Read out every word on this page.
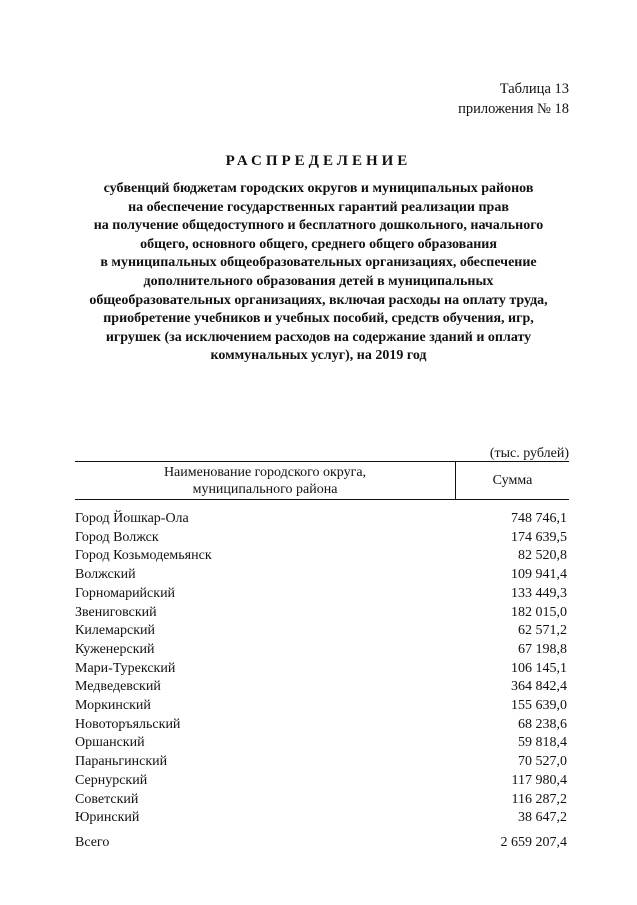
Таблица 13
приложения № 18
РАСПРЕДЕЛЕНИЕ
субвенций бюджетам городских округов и муниципальных районов
на обеспечение государственных гарантий реализации прав
на получение общедоступного и бесплатного дошкольного, начального
общего, основного общего, среднего общего образования
в муниципальных общеобразовательных организациях, обеспечение
дополнительного образования детей в муниципальных
общеобразовательных организациях, включая расходы на оплату труда,
приобретение учебников и учебных пособий, средств обучения, игр,
игрушек (за исключением расходов на содержание зданий и оплату
коммунальных услуг), на 2019 год
(тыс. рублей)
Наименование городского округа,
муниципального района	Сумма
Город Йошкар-Ола	748 746,1
Город Волжск	174 639,5
Город Козьмодемьянск	82 520,8
Волжский	109 941,4
Горномарийский	133 449,3
Звениговский	182 015,0
Килемарский	62 571,2
Куженерский	67 198,8
Мари-Турекский	106 145,1
Медведевский	364 842,4
Моркинский	155 639,0
Новоторъяльский	68 238,6
Оршанский	59 818,4
Параньгинский	70 527,0
Сернурский	117 980,4
Советский	116 287,2
Юринский	38 647,2
Всего	2 659 207,4
